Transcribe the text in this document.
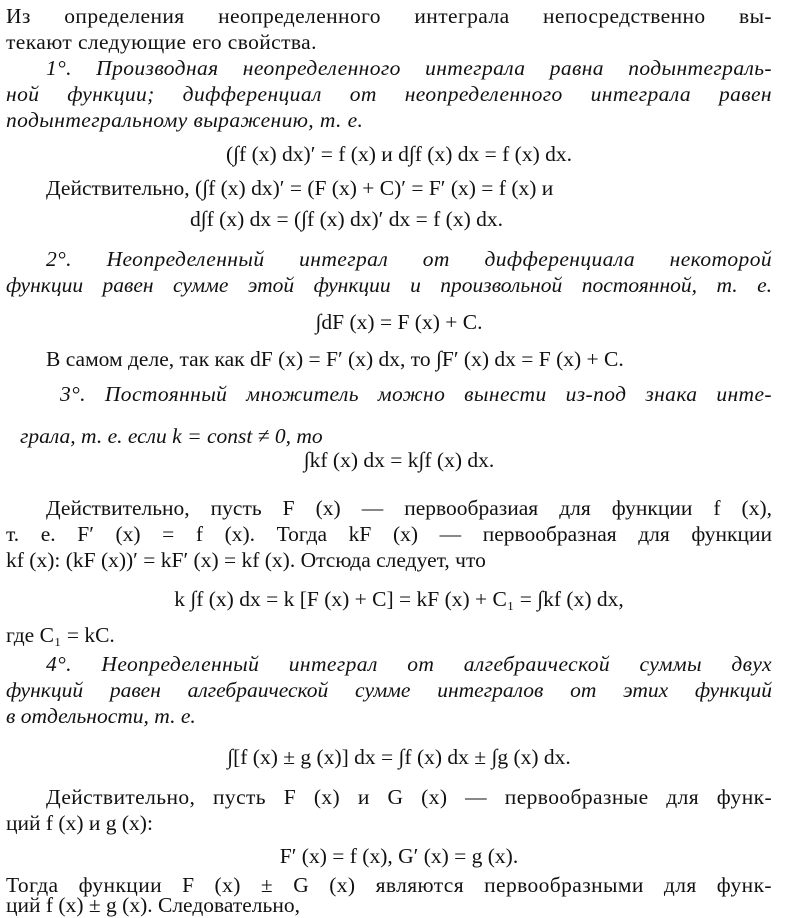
Из определения неопределенного интеграла непосредственно вы-

текают следующие его свойства.

1°. Производная неопределенного интеграла равна подынтеграль-

ной функции; дифференциал от неопределенного интеграла равен

подынтегральному выражению, т. е.

(∫f (x) dx)′ = f (x) и d∫f (x) dx = f (x) dx.

Действительно, (∫f (x) dx)′ = (F (x) + C)′ = F′ (x) = f (x) и

d∫f (x) dx = (∫f (x) dx)′ dx = f (x) dx.

2°. Неопределенный интеграл от дифференциала некоторой

функции равен сумме этой функции и произвольной постоянной, т. е.

∫dF (x) = F (x) + C.

В самом деле, так как dF (x) = F′ (x) dx, то ∫F′ (x) dx = F (x) + C.

3°. Постоянный множитель можно вынести из-под знака инте-

грала, т. е. если k = const ≠ 0, то

∫kf (x) dx = k∫f (x) dx.

Действительно, пусть F (x) — первообразиая для функции f (x),

т. е. F′ (x) = f (x). Тогда kF (x) — первообразная для функции

kf (x): (kF (x))′ = kF′ (x) = kf (x). Отсюда следует, что

k ∫f (x) dx = k [F (x) + C] = kF (x) + C₁ = ∫kf (x) dx,

где C₁ = kC.

4°. Неопределенный интеграл от алгебраической суммы двух

функций равен алгебраической сумме интегралов от этих функций

в отдельности, т. е.

∫[f (x) ± g (x)] dx = ∫f (x) dx ± ∫g (x) dx.

Действительно, пусть F (x) и G (x) — первообразные для функ-

ций f (x) и g (x):

F′ (x) = f (x), G′ (x) = g (x).

Тогда функции F (x) ± G (x) являются первообразными для функ-

ций f (x) ± g (x). Следовательно,
